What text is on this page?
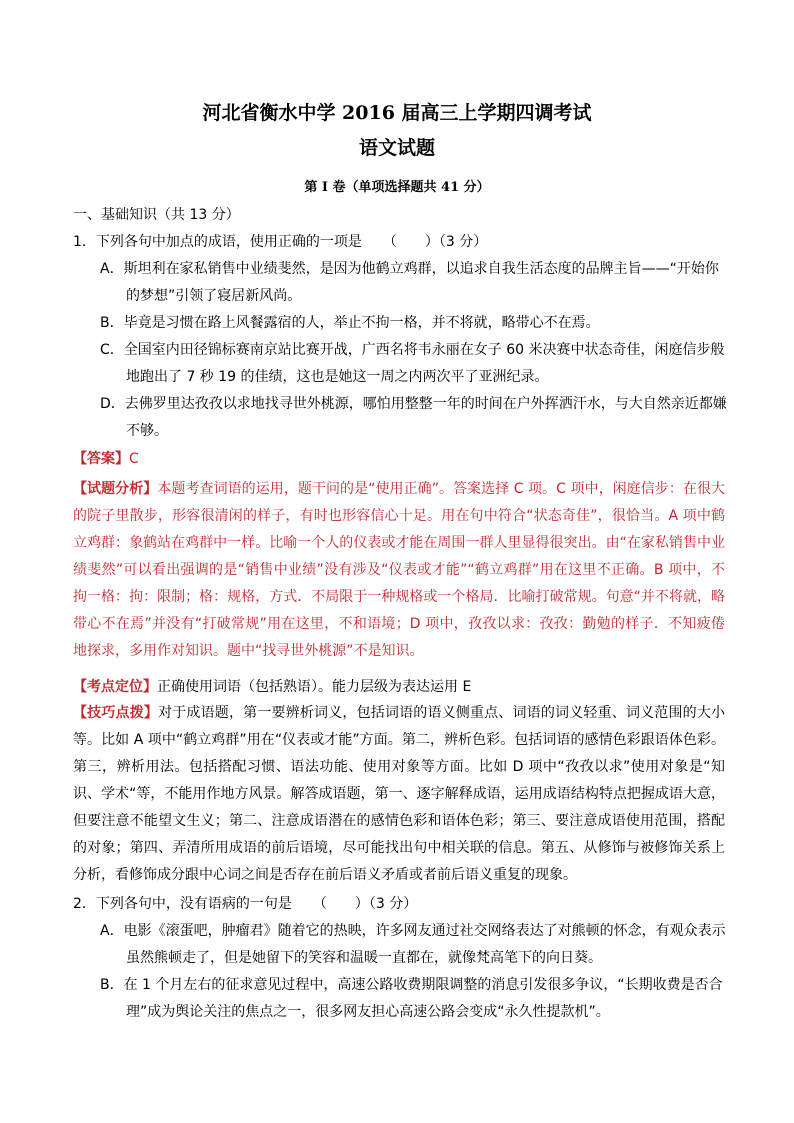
河北省衡水中学 2016 届高三上学期四调考试
语文试题
第 I 卷（单项选择题共 41 分）
一、基础知识（共 13 分）
1．下列各句中加点的成语，使用正确的一项是　　（　　）（3 分）
A．斯坦利在家私销售中业绩斐然，是因为他鹤立鸡群，以追求自我生活态度的品牌主旨——“开始你
的梦想”引领了寝居新风尚。
B．毕竟是习惯在路上风餐露宿的人，举止不拘一格，并不将就，略带心不在焉。
C．全国室内田径锦标赛南京站比赛开战，广西名将韦永丽在女子 60 米决赛中状态奇佳，闲庭信步般
地跑出了 7 秒 19 的佳绩，这也是她这一周之内两次平了亚洲纪录。
D．去佛罗里达孜孜以求地找寻世外桃源，哪怕用整整一年的时间在户外挥洒汗水，与大自然亲近都嫌
不够。
【答案】C
【试题分析】本题考查词语的运用，题干问的是“使用正确”。答案选择 C 项。C 项中，闲庭信步：在很大的院子里散步，形容很清闲的样子，有时也形容信心十足。用在句中符合“状态奇佳”，很恰当。A 项中鹤立鸡群：象鹤站在鸡群中一样。比喻一个人的仪表或才能在周围一群人里显得很突出。由“在家私销售中业绩斐然”可以看出强调的是“销售中业绩”没有涉及“仪表或才能”“鹤立鸡群”用在这里不正确。B 项中，不拘一格：拘：限制；格：规格，方式．不局限于一种规格或一个格局．比喻打破常规。句意“并不将就，略带心不在焉”并没有“打破常规”用在这里，不和语境；D 项中，孜孜以求：孜孜：勤勉的样子．不知疲倦地探求，多用作对知识。题中“找寻世外桃源”不是知识。
【考点定位】正确使用词语（包括熟语）。能力层级为表达运用 E
【技巧点拨】对于成语题，第一要辨析词义，包括词语的语义侧重点、词语的词义轻重、词义范围的大小等。比如 A 项中“鹤立鸡群”用在“仪表或才能”方面。第二，辨析色彩。包括词语的感情色彩跟语体色彩。第三，辨析用法。包括搭配习惯、语法功能、使用对象等方面。比如 D 项中“孜孜以求”使用对象是“知识、学术“等，不能用作地方风景。解答成语题，第一、逐字解释成语，运用成语结构特点把握成语大意，但要注意不能望文生义；第二、注意成语潜在的感情色彩和语体色彩；第三、要注意成语使用范围，搭配的对象；第四、弄清所用成语的前后语境，尽可能找出句中相关联的信息。第五、从修饰与被修饰关系上分析，看修饰成分跟中心词之间是否存在前后语义矛盾或者前后语义重复的现象。
2．下列各句中，没有语病的一句是　　（　　）（3 分）
A．电影《滚蛋吧，肿瘤君》随着它的热映，许多网友通过社交网络表达了对熊顿的怀念，有观众表示
虽然熊顿走了，但是她留下的笑容和温暖一直都在，就像梵高笔下的向日葵。
B．在 1 个月左右的征求意见过程中，高速公路收费期限调整的消息引发很多争议，“长期收费是否合
理”成为舆论关注的焦点之一，很多网友担心高速公路会变成“永久性提款机”。
